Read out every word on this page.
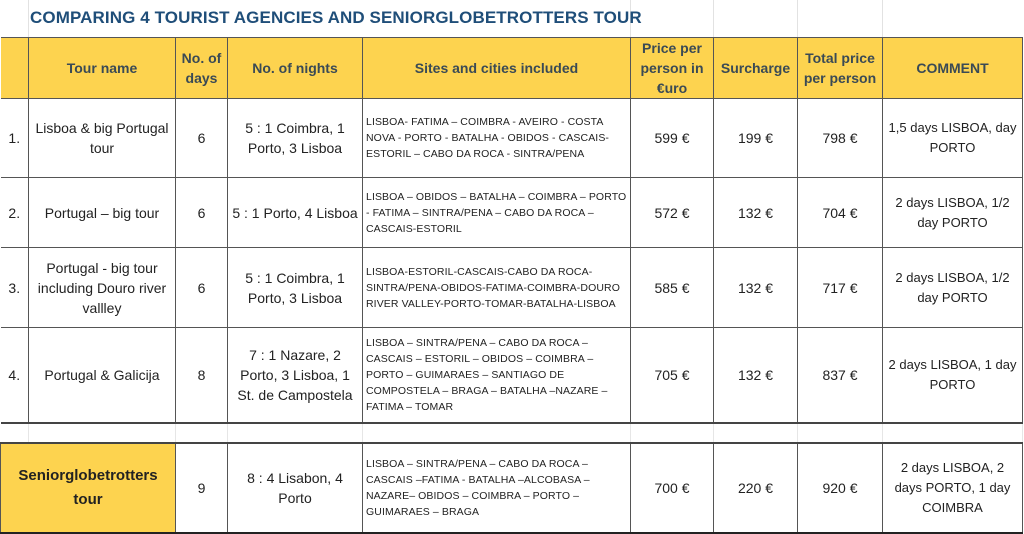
COMPARING 4 TOURIST AGENCIES AND SENIORGLOBETROTTERS TOUR
	Tour name	No. of days	No. of nights	Sites and cities included	Price per person in €uro	Surcharge	Total price per person	COMMENT
1.	Lisboa & big Portugal tour	6	5 : 1 Coimbra, 1 Porto, 3 Lisboa	LISBOA- FATIMA – COIMBRA - AVEIRO - COSTA NOVA - PORTO - BATALHA - OBIDOS - CASCAIS-ESTORIL – CABO DA ROCA - SINTRA/PENA	599 €	199 €	798 €	1,5 days LISBOA, day PORTO
2.	Portugal – big tour	6	5 : 1 Porto, 4 Lisboa	LISBOA – OBIDOS – BATALHA – COIMBRA – PORTO - FATIMA – SINTRA/PENA – CABO DA ROCA – CASCAIS-ESTORIL	572 €	132 €	704 €	2 days LISBOA, 1/2 day PORTO
3.	Portugal - big tour including Douro river vallley	6	5 : 1 Coimbra, 1 Porto, 3 Lisboa	LISBOA-ESTORIL-CASCAIS-CABO DA ROCA-SINTRA/PENA-OBIDOS-FATIMA-COIMBRA-DOURO RIVER VALLEY-PORTO-TOMAR-BATALHA-LISBOA	585 €	132 €	717 €	2 days LISBOA, 1/2 day PORTO
4.	Portugal & Galicija	8	7 : 1 Nazare, 2 Porto, 3 Lisboa, 1 St. de Campostela	LISBOA – SINTRA/PENA – CABO DA ROCA – CASCAIS – ESTORIL – OBIDOS – COIMBRA – PORTO – GUIMARAES – SANTIAGO DE COMPOSTELA – BRAGA – BATALHA –NAZARE – FATIMA – TOMAR	705 €	132 €	837 €	2 days LISBOA, 1 day PORTO

Seniorglobetrotters tour		9	8 : 4 Lisabon, 4 Porto	LISBOA – SINTRA/PENA – CABO DA ROCA – CASCAIS –FATIMA - BATALHA –ALCOBASA –NAZARE– OBIDOS – COIMBRA – PORTO – GUIMARAES – BRAGA	700 €	220 €	920 €	2 days LISBOA, 2 days PORTO, 1 day COIMBRA
